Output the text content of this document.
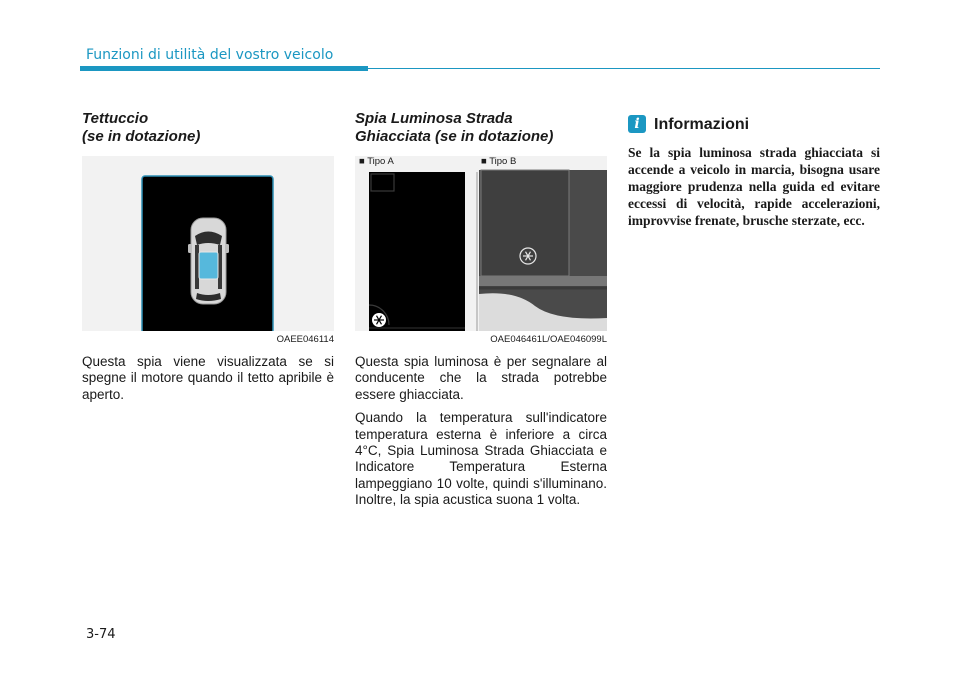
Funzioni di utilità del vostro veicolo
Tettuccio
(se in dotazione)
OAEE046114

Questa spia viene visualizzata se si spegne il motore quando il tetto apribile è aperto.

Spia Luminosa Strada
Ghiacciata (se in dotazione)
■ Tipo A	■ Tipo B
OAE046461L/OAE046099L

Questa spia luminosa è per segnalare al conducente che la strada potrebbe essere ghiacciata.

Quando la temperatura sull'indicatore temperatura esterna è inferiore a circa 4°C, Spia Luminosa Strada Ghiacciata e Indicatore Temperatura Esterna lampeggiano 10 volte, quindi s'illuminano. Inoltre, la spia acustica suona 1 volta.

i Informazioni

Se la spia luminosa strada ghiacciata si accende a veicolo in marcia, bisogna usare maggiore prudenza nella guida ed evitare eccessi di velocità, rapide accelerazioni, improvvise frenate, brusche sterzate, ecc.

3-74
